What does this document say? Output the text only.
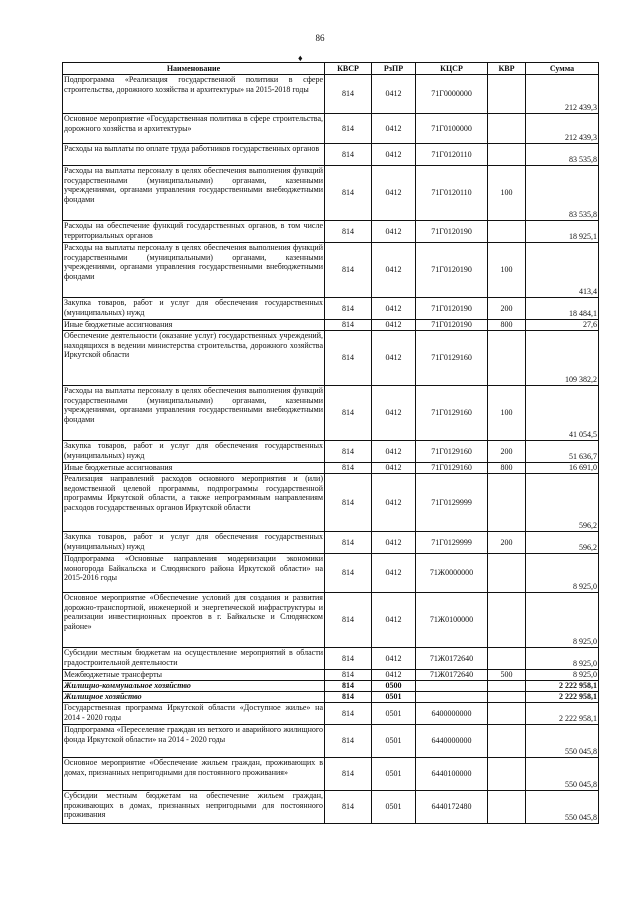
86
♦
Наименование	КВСР	РзПР	КЦСР	КВР	Сумма
Подпрограмма «Реализация государственной политики в сфере строительства, дорожного хозяйства и архитектуры» на 2015-2018 годы	814	0412	71Г0000000		212 439,3
Основное мероприятие «Государственная политика в сфере строительства, дорожного хозяйства и архитектуры»	814	0412	71Г0100000		212 439,3
Расходы на выплаты по оплате труда работников государственных органов	814	0412	71Г0120110		83 535,8
Расходы на выплаты персоналу в целях обеспечения выполнения функций государственными (муниципальными) органами, казенными учреждениями, органами управления государственными внебюджетными фондами	814	0412	71Г0120110	100	83 535,8
Расходы на обеспечение функций государственных органов, в том числе территориальных органов	814	0412	71Г0120190		18 925,1
Расходы на выплаты персоналу в целях обеспечения выполнения функций государственными (муниципальными) органами, казенными учреждениями, органами управления государственными внебюджетными фондами	814	0412	71Г0120190	100	413,4
Закупка товаров, работ и услуг для обеспечения государственных (муниципальных) нужд	814	0412	71Г0120190	200	18 484,1
Иные бюджетные ассигнования	814	0412	71Г0120190	800	27,6
Обеспечение деятельности (оказание услуг) государственных учреждений, находящихся в ведении министерства строительства, дорожного хозяйства Иркутской области	814	0412	71Г0129160		109 382,2
Расходы на выплаты персоналу в целях обеспечения выполнения функций государственными (муниципальными) органами, казенными учреждениями, органами управления государственными внебюджетными фондами	814	0412	71Г0129160	100	41 054,5
Закупка товаров, работ и услуг для обеспечения государственных (муниципальных) нужд	814	0412	71Г0129160	200	51 636,7
Иные бюджетные ассигнования	814	0412	71Г0129160	800	16 691,0
Реализация направлений расходов основного мероприятия и (или) ведомственной целевой программы, подпрограммы государственной программы Иркутской области, а также непрограммным направлениям расходов государственных органов Иркутской области	814	0412	71Г0129999		596,2
Закупка товаров, работ и услуг для обеспечения государственных (муниципальных) нужд	814	0412	71Г0129999	200	596,2
Подпрограмма «Основные направления модернизации экономики моногорода Байкальска и Слюдянского района Иркутской области» на 2015-2016 годы	814	0412	71Ж0000000		8 925,0
Основное мероприятие «Обеспечение условий для создания и развития дорожно-транспортной, инженерной и энергетической инфраструктуры и реализации инвестиционных проектов в г. Байкальске и Слюдянском районе»	814	0412	71Ж0100000		8 925,0
Субсидии местным бюджетам на осуществление мероприятий в области градостроительной деятельности	814	0412	71Ж0172640		8 925,0
Межбюджетные трансферты	814	0412	71Ж0172640	500	8 925,0
Жилищно-коммунальное хозяйство	814	0500			2 222 958,1
Жилищное хозяйство	814	0501			2 222 958,1
Государственная программа Иркутской области «Доступное жилье» на 2014 - 2020 годы	814	0501	6400000000		2 222 958,1
Подпрограмма «Переселение граждан из ветхого и аварийного жилищного фонда Иркутской области» на 2014 - 2020 годы	814	0501	6440000000		550 045,8
Основное мероприятие «Обеспечение жильем граждан, проживающих в домах, признанных непригодными для постоянного проживания»	814	0501	6440100000		550 045,8
Субсидии местным бюджетам на обеспечение жильем граждан, проживающих в домах, признанных непригодными для постоянного проживания	814	0501	6440172480		550 045,8
